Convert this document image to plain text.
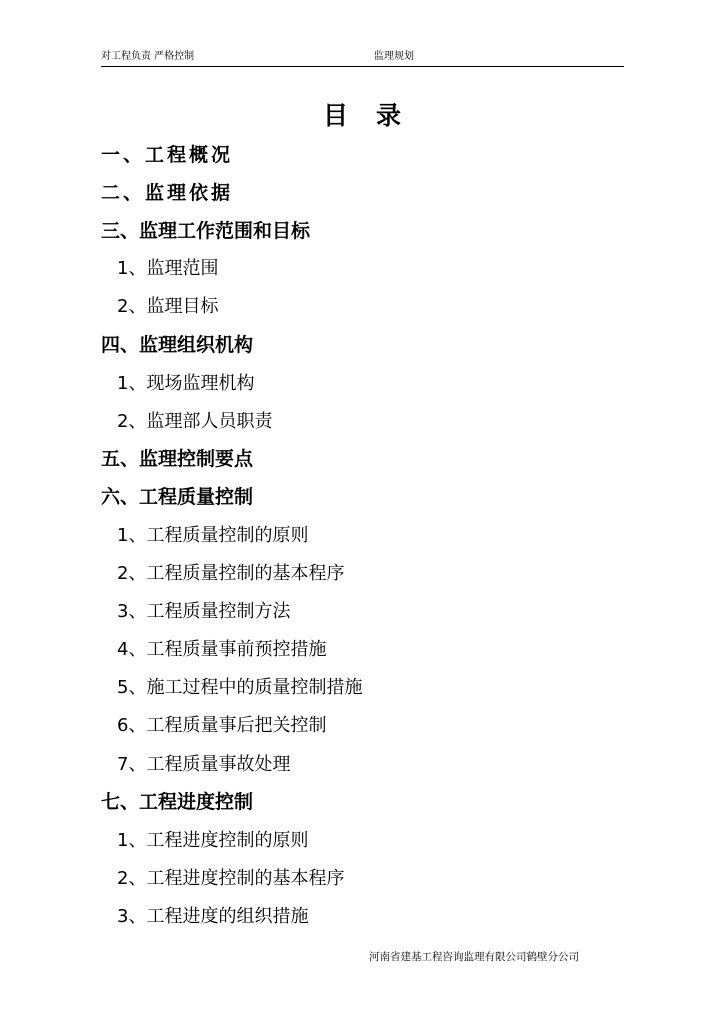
对工程负责 严格控制	监理规划
目录
一、工程概况
二、监理依据
三、监理工作范围和目标
1、监理范围
2、监理目标
四、监理组织机构
1、现场监理机构
2、监理部人员职责
五、监理控制要点
六、工程质量控制
1、工程质量控制的原则
2、工程质量控制的基本程序
3、工程质量控制方法
4、工程质量事前预控措施
5、施工过程中的质量控制措施
6、工程质量事后把关控制
7、工程质量事故处理
七、工程进度控制
1、工程进度控制的原则
2、工程进度控制的基本程序
3、工程进度的组织措施
河南省建基工程咨询监理有限公司鹤壁分公司
